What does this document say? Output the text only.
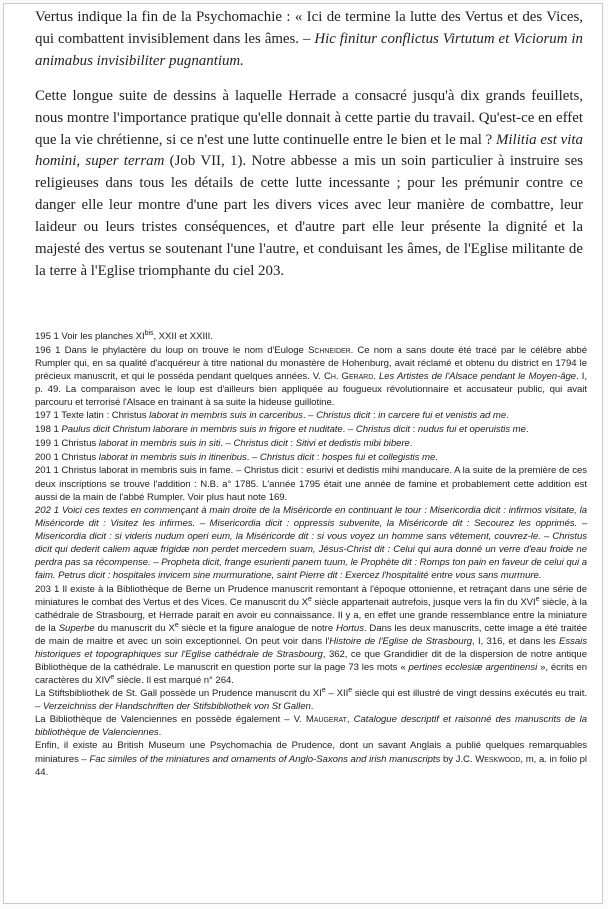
Vertus indique la fin de la Psychomachie : « Ici de termine la lutte des Vertus et des Vices, qui combattent invisiblement dans les âmes. – Hic finitur conflictus Virtutum et Viciorum in animabus invisibiliter pugnantium.

Cette longue suite de dessins à laquelle Herrade a consacré jusqu'à dix grands feuillets, nous montre l'importance pratique qu'elle donnait à cette partie du travail. Qu'est-ce en effet que la vie chrétienne, si ce n'est une lutte continuelle entre le bien et le mal ? Militia est vita homini, super terram (Job VII, 1). Notre abbesse a mis un soin particulier à instruire ses religieuses dans tous les détails de cette lutte incessante ; pour les prémunir contre ce danger elle leur montre d'une part les divers vices avec leur manière de combattre, leur laideur ou leurs tristes conséquences, et d'autre part elle leur présente la dignité et la majesté des vertus se soutenant l'une l'autre, et conduisant les âmes, de l'Eglise militante de la terre à l'Eglise triomphante du ciel 203.

195 1 Voir les planches $XI^{bis}$, XXII et XXIII.

196 1 Dans le phylactère du loup on trouve le nom d'Euloge Schneider. Ce nom a sans doute été tracé par le célèbre abbé Rumpler qui, en sa qualité d'acquéreur à titre national du monastère de Hohenburg, avait réclamé et obtenu du district en 1794 le précieux manuscrit, et qui le posséda pendant quelques années. V. Ch. Gerard. Les Artistes de l'Alsace pendant le Moyen-âge. I, p. 49. La comparaison avec le loup est d'ailleurs bien appliquée au fougueux révolutionnaire et accusateur public, qui avait parcouru et terrorisé l'Alsace en trainant à sa suite la hideuse guillotine.

197 1 Texte latin : Christus laborat in membris suis in carceribus. – Christus dicit : in carcere fui et venistis ad me.

198 1 Paulus dicit Christum laborare in membris suis in frigore et nuditate. – Christus dicit : nudus fui et operuistis me.

199 1 Christus laborat in membris suis in siti. – Christus dicit : Sitivi et dedistis mibi bibere.

200 1 Christus laborat in membris suis in itineribus. – Christus dicit : hospes fui et collegistis me.

201 1 Christus laborat in membris suis in fame. – Christus dicit : esurivi et dedistis mihi manducare. A la suite de la première de ces deux inscriptions se trouve l'addition : N.B. a° 1785. L'année 1795 était une année de famine et probablement cette addition est aussi de la main de l'abbé Rumpler. Voir plus haut note 169.

202 1 Voici ces textes en commençant à main droite de la Miséricorde en continuant le tour : Misericordia dicit : infirmos visitate, la Miséricorde dit : Visitez les infirmes. – Misericordia dicit : oppressis subvenite, la Miséricorde dit : Secourez les opprimés. – Misericordia dicit : si videris nudum operi eum, la Miséricorde dit : si vous voyez un homme sans vêtement, couvrez-le. – Christus dicit qui dederit caliem aquæ frigidæ non perdet mercedem suam, Jésus-Christ dit : Celui qui aura donné un verre d'eau froide ne perdra pas sa récompense. – Propheta dicit, frange esurienti panem tuum, le Prophète dit : Romps ton pain en faveur de celui qui a faim. Petrus dicit : hospitales invicem sine murmuratione, saint Pierre dit : Exercez l'hospitalité entre vous sans murmure.

203 1 Il existe à la Bibliothèque de Berne un Prudence manuscrit remontant à l'époque ottonienne, et retraçant dans une série de miniatures le combat des Vertus et des Vices. Ce manuscrit du Xe siècle appartenait autrefois, jusque vers la fin du XVIe siècle, à la cathédrale de Strasbourg, et Herrade parait en avoir eu connaissance. Il y a, en effet une grande ressemblance entre la miniature de la Superbe du manuscrit du Xe siècle et la figure analogue de notre Hortus. Dans les deux manuscrits, cette image a été traitée de main de maitre et avec un soin exceptionnel. On peut voir dans l'Histoire de l'Eglise de Strasbourg, I, 316, et dans les Essais historiques et topographiques sur l'Eglise cathédrale de Strasbourg, 362, ce que Grandidier dit de la dispersion de notre antique Bibliothèque de la cathédrale. Le manuscrit en question porte sur la page 73 les mots « pertines ecclesiæ argentinensi », écrits en caractères du XIVe siècle. Il est marqué n° 264.

La Stiftsbibliothek de St. Gall possède un Prudence manuscrit du XIe – XIIe siècle qui est illustré de vingt dessins exécutés eu trait. – Verzeichniss der Handschriften der Stifsbibliothek von St Gallen.

La Bibliothèque de Valenciennes en possède également – V. Maugerat, Catalogue descriptif et raisonné des manuscrits de la bibliothèque de Valenciennes.

Enfin, il existe au British Museum une Psychomachia de Prudence, dont un savant Anglais a publié quelques remarquables miniatures – Fac similes of the miniatures and ornaments of Anglo-Saxons and irish manuscripts by J.C. Weskwood, m, a. in folio pl 44.
